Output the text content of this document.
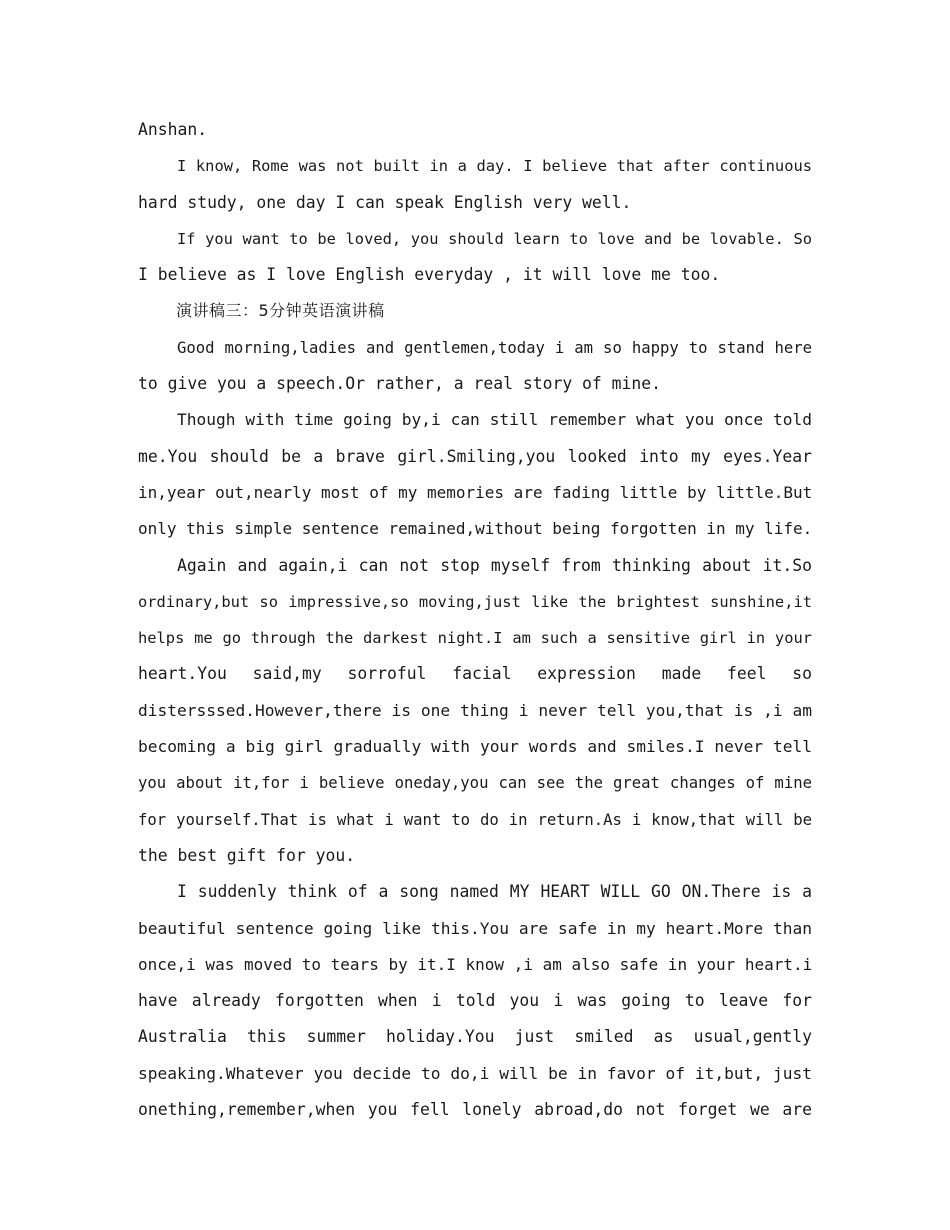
Anshan.

I know, Rome was not built in a day. I believe that after continuous

hard study, one day I can speak English very well.

If you want to be loved, you should learn to love and be lovable. So

I believe as I love English everyday , it will love me too.

演讲稿三：5分钟英语演讲稿

Good morning,ladies and gentlemen,today i am so happy to stand here

to give you a speech.Or rather, a real story of mine.

Though with time going by,i can still remember what you once told

me.You should be a brave girl.Smiling,you looked into my eyes.Year

in,year out,nearly most of my memories are fading little by little.But

only this simple sentence remained,without being forgotten in my life.

Again and again,i can not stop myself from thinking about it.So

ordinary,but so impressive,so moving,just like the brightest sunshine,it

helps me go through the darkest night.I am such a sensitive girl in your

heart.You said,my sorroful facial expression made feel so

distersssed.However,there is one thing i never tell you,that is ,i am

becoming a big girl gradually with your words and smiles.I never tell

you about it,for i believe oneday,you can see the great changes of mine

for yourself.That is what i want to do in return.As i know,that will be

the best gift for you.

I suddenly think of a song named MY HEART WILL GO ON.There is a

beautiful sentence going like this.You are safe in my heart.More than

once,i was moved to tears by it.I know ,i am also safe in your heart.i

have already forgotten when i told you i was going to leave for

Australia this summer holiday.You just smiled as usual,gently

speaking.Whatever you decide to do,i will be in favor of it,but, just

onething,remember,when you fell lonely abroad,do not forget we are
